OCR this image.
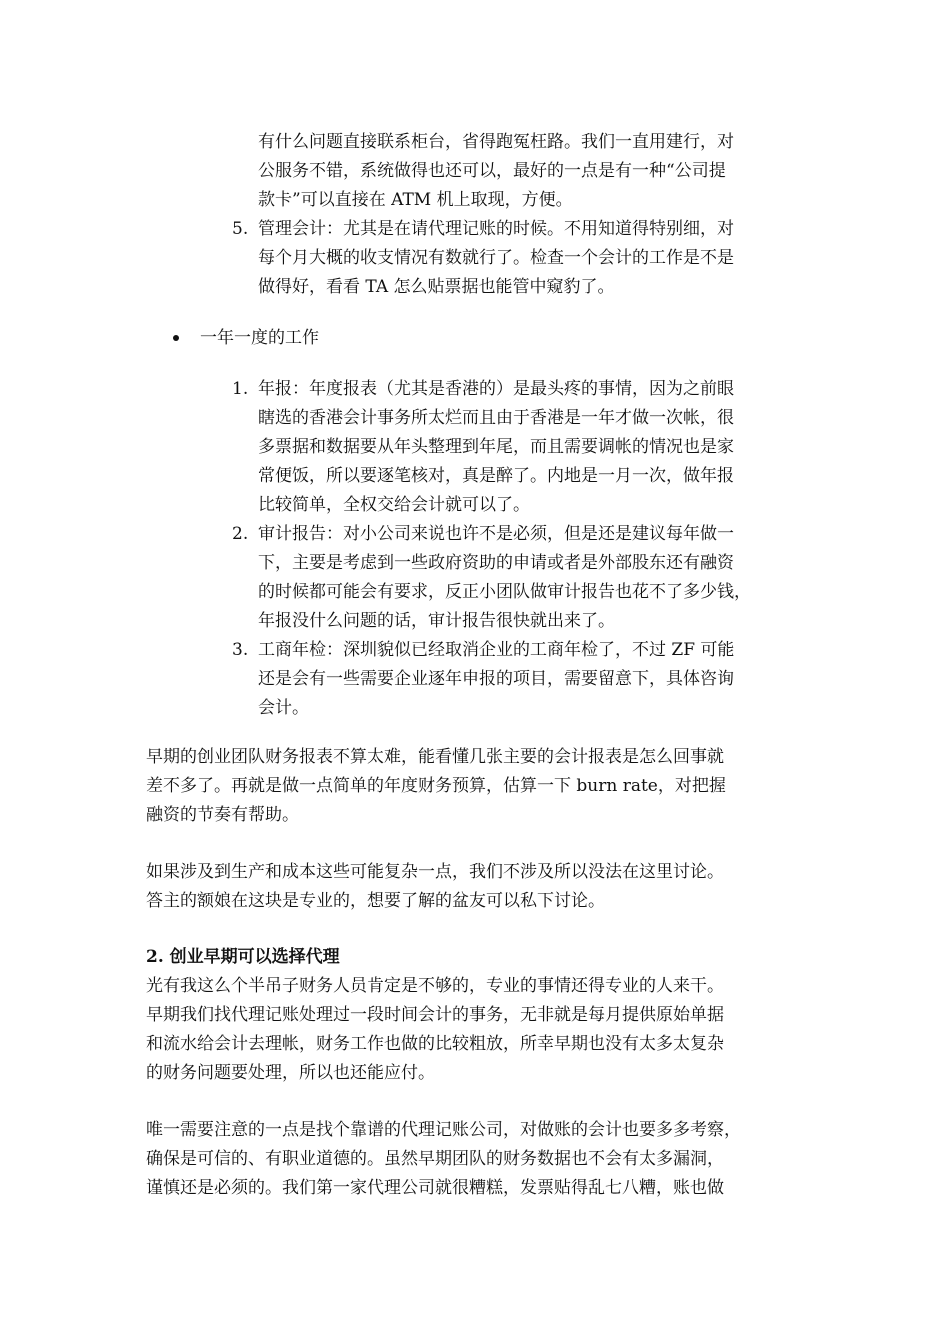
有什么问题直接联系柜台，省得跑冤枉路。我们一直用建行，对
公服务不错，系统做得也还可以，最好的一点是有一种“公司提
款卡”可以直接在 ATM 机上取现，方便。
5. 管理会计：尤其是在请代理记账的时候。不用知道得特别细，对
每个月大概的收支情况有数就行了。检查一个会计的工作是不是
做得好，看看 TA 怎么贴票据也能管中窥豹了。
一年一度的工作
1. 年报：年度报表（尤其是香港的）是最头疼的事情，因为之前眼
瞎选的香港会计事务所太烂而且由于香港是一年才做一次帐，很
多票据和数据要从年头整理到年尾，而且需要调帐的情况也是家
常便饭，所以要逐笔核对，真是醉了。内地是一月一次，做年报
比较简单，全权交给会计就可以了。
2. 审计报告：对小公司来说也许不是必须，但是还是建议每年做一
下，主要是考虑到一些政府资助的申请或者是外部股东还有融资
的时候都可能会有要求，反正小团队做审计报告也花不了多少钱，
年报没什么问题的话，审计报告很快就出来了。
3. 工商年检：深圳貌似已经取消企业的工商年检了，不过 ZF 可能
还是会有一些需要企业逐年申报的项目，需要留意下，具体咨询
会计。
早期的创业团队财务报表不算太难，能看懂几张主要的会计报表是怎么回事就
差不多了。再就是做一点简单的年度财务预算，估算一下 burn rate，对把握
融资的节奏有帮助。
如果涉及到生产和成本这些可能复杂一点，我们不涉及所以没法在这里讨论。
答主的额娘在这块是专业的，想要了解的盆友可以私下讨论。
2. 创业早期可以选择代理
光有我这么个半吊子财务人员肯定是不够的，专业的事情还得专业的人来干。
早期我们找代理记账处理过一段时间会计的事务，无非就是每月提供原始单据
和流水给会计去理帐，财务工作也做的比较粗放，所幸早期也没有太多太复杂
的财务问题要处理，所以也还能应付。
唯一需要注意的一点是找个靠谱的代理记账公司，对做账的会计也要多多考察，
确保是可信的、有职业道德的。虽然早期团队的财务数据也不会有太多漏洞，
谨慎还是必须的。我们第一家代理公司就很糟糕，发票贴得乱七八糟，账也做
